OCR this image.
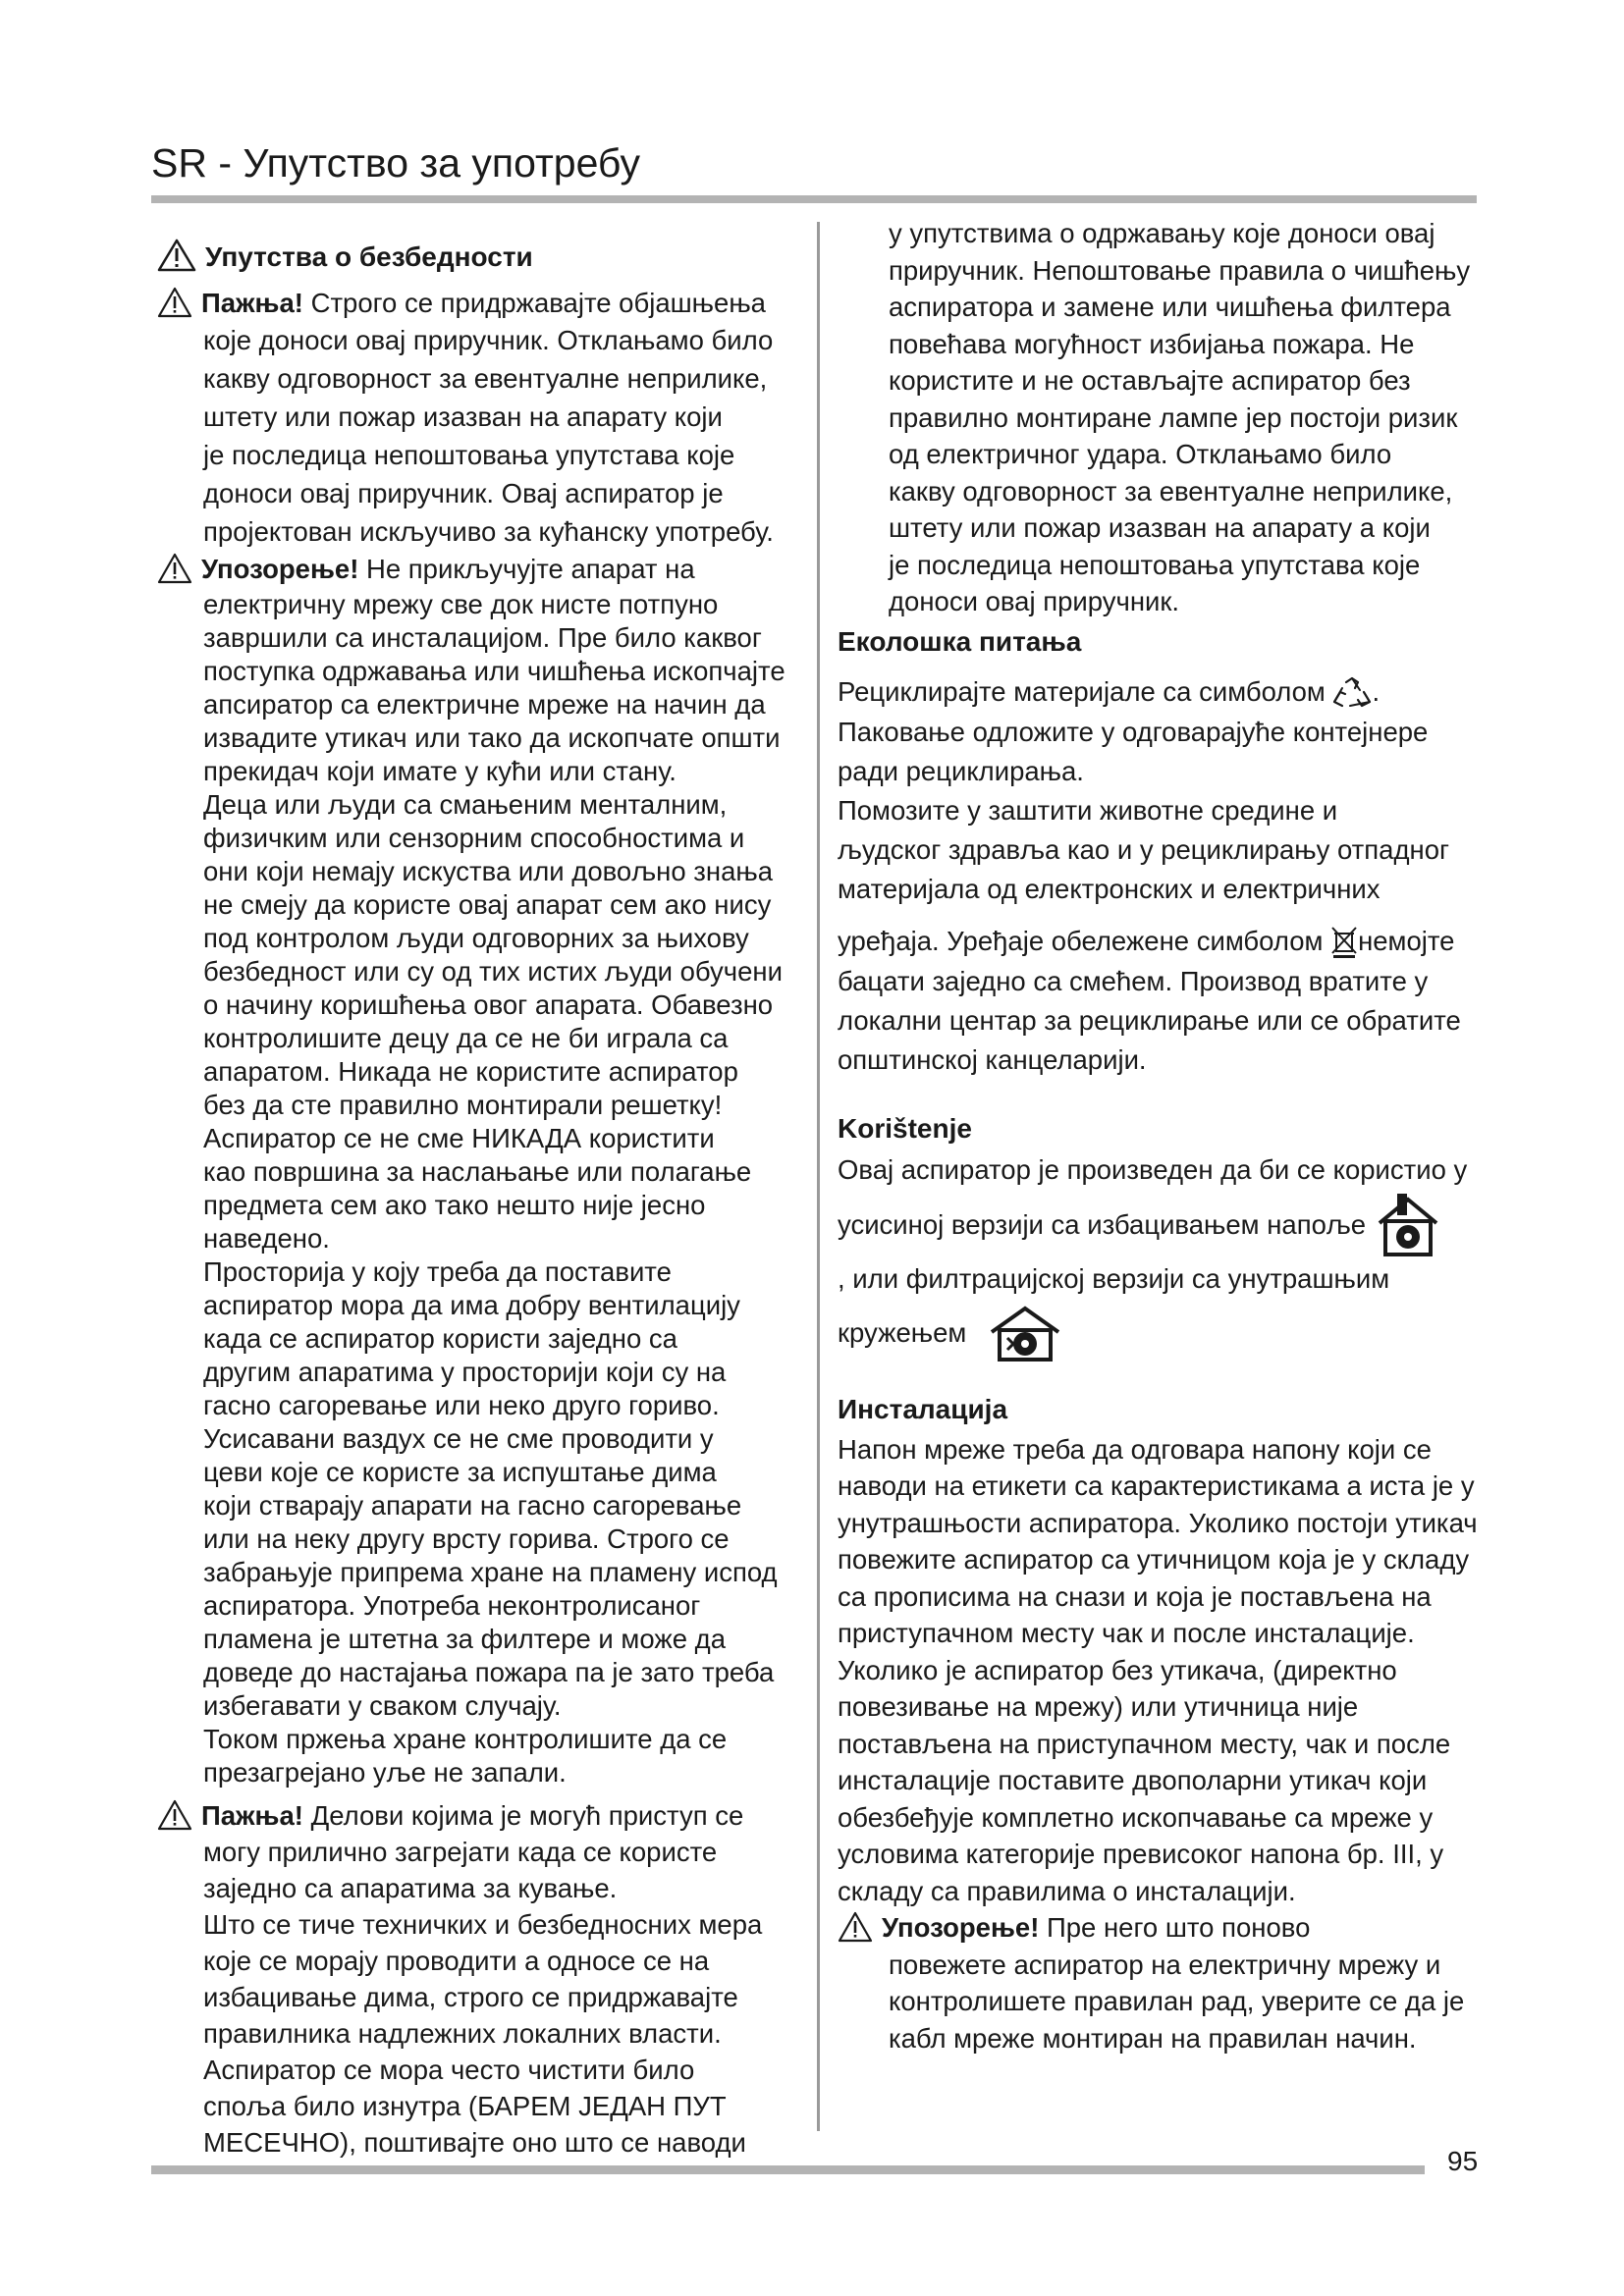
SR - Упутство за употребу
Упутства о безбедности
Пажња! Строго се придржавајте објашњења
које доноси овај приручник. Отклањамо било
какву одговорност за евентуалне неприлике,
штету или пожар изазван на апарату који
је последица непоштовања упутстава које
доноси овај приручник. Овај аспиратор је
пројектован искључиво за кућанску употребу.
Упозорење! Не прикључујте апарат на
електричну мрежу све док нисте потпуно
завршили са инсталацијом. Пре било каквог
поступка одржавања или чишћења ископчајте
апсиратор са електричне мреже на начин да
извадите утикач или тако да ископчате општи
прекидач који имате у кући или стану.
Деца или људи са смањеним менталним,
физичким или сензорним способностима и
они који немају искуства или довољно знања
не смеју да користе овај апарат сем ако нису
под контролом људи одговорних за њихову
безбедност или су од тих истих људи обучени
о начину коришћења овог апарата. Обавезно
контролишите децу да се не би играла са
апаратом. Никада не користите аспиратор
без да сте правилно монтирали решетку!
Аспиратор се не сме НИКАДА користити
као површина за наслањање или полагање
предмета сем ако тако нешто није јесно
наведено.
Просторија у коју треба да поставите
аспиратор мора да има добру вентилацију
када се аспиратор користи заједно са
другим апаратима у просторији који су на
гасно сагоревање или неко друго гориво.
Усисавани ваздух се не сме проводити у
цеви које се користе за испуштање дима
који стварају апарати на гасно сагоревање
или на неку другу врсту горива. Строго се
забрањује припрема хране на пламену испод
аспиратора. Употреба неконтролисаног
пламена је штетна за филтере и може да
доведе до настајања пожара па је зато треба
избегавати у сваком случају.
Током пржења хране контролишите да се
презагрејано уље не запали.
Пажња! Делови којима је могућ приступ се
могу прилично загрејати када се користе
заједно са апаратима за кување.
Што се тиче техничких и безбедносних мера
које се морају проводити а односе се на
избацивање дима, строго се придржавајте
правилника надлежних локалних власти.
Аспиратор се мора често чистити било
споља било изнутра (БАРЕМ ЈЕДАН ПУТ
МЕСЕЧНО), поштивајте оно што се наводи
у упутствима о одржавању које доноси овај
приручник. Непоштовање правила о чишћењу
аспиратора и замене или чишћења филтера
повећава могућност избијања пожара. Не
користите и не остављајте аспиратор без
правилно монтиране лампе јер постоји ризик
од електричног удара. Отклањамо било
какву одговорност за евентуалне неприлике,
штету или пожар изазван на апарату а који
је последица непоштовања упутстава које
доноси овај приручник.
Еколошка питања
Рециклирајте материјале са симболом .
Паковање одложите у одговарајуће контејнере
ради рециклирања.
Помозите у заштити животне средине и
људског здравља као и у рециклирању отпадног
материјала од електронских и електричних
уређаја. Уређаје обележене симболом немојте
бацати заједно са смећем. Производ вратите у
локални центар за рециклирање или се обратите
општинској канцеларији.
Korištenje
Овај аспиратор је произведен да би се користио у
усисиној верзији са избацивањем напоље
, или филтрацијској верзији са унутрашњим
кружењем
Инсталација
Напон мреже треба да одговара напону који се
наводи на етикети са карактеристикама а иста је у
унутрашњости аспиратора. Уколико постоји утикач
повежите аспиратор са утичницом која је у складу
са прописима на снази и која је постављена на
приступачном месту чак и после инсталације.
Уколико је аспиратор без утикача, (директно
повезивање на мрежу) или утичница није
постављена на приступачном месту, чак и после
инсталације поставите двополарни утикач који
обезбеђује комплетно ископчавање са мреже у
условима категорије превисоког напона бр. III, у
складу са правилима о инсталацији.
Упозорење! Пре него што поново
повежете аспиратор на електричну мрежу и
контролишете правилан рад, уверите се да је
кабл мреже монтиран на правилан начин.
95
